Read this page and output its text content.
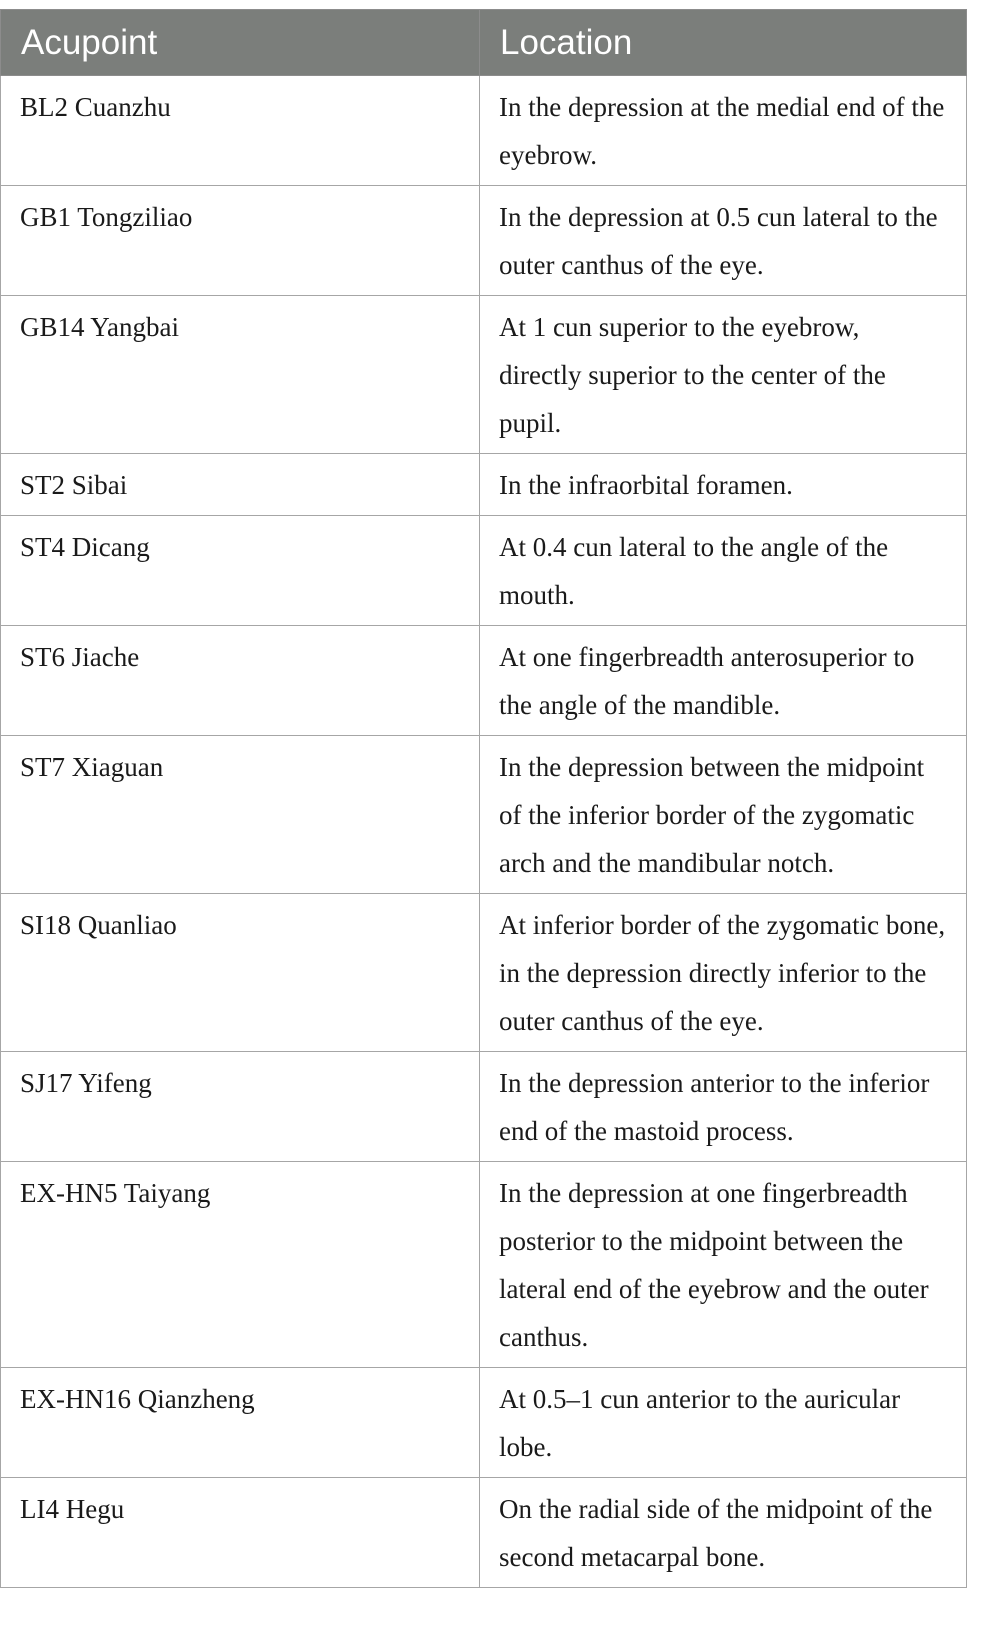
Acupoint	Location
BL2 Cuanzhu	In the depression at the medial end of the eyebrow.
GB1 Tongziliao	In the depression at 0.5 cun lateral to the outer canthus of the eye.
GB14 Yangbai	At 1 cun superior to the eyebrow, directly superior to the center of the pupil.
ST2 Sibai	In the infraorbital foramen.
ST4 Dicang	At 0.4 cun lateral to the angle of the mouth.
ST6 Jiache	At one fingerbreadth anterosuperior to the angle of the mandible.
ST7 Xiaguan	In the depression between the midpoint of the inferior border of the zygomatic arch and the mandibular notch.
SI18 Quanliao	At inferior border of the zygomatic bone, in the depression directly inferior to the outer canthus of the eye.
SJ17 Yifeng	In the depression anterior to the inferior end of the mastoid process.
EX-HN5 Taiyang	In the depression at one fingerbreadth posterior to the midpoint between the lateral end of the eyebrow and the outer canthus.
EX-HN16 Qianzheng	At 0.5–1 cun anterior to the auricular lobe.
LI4 Hegu	On the radial side of the midpoint of the second metacarpal bone.
